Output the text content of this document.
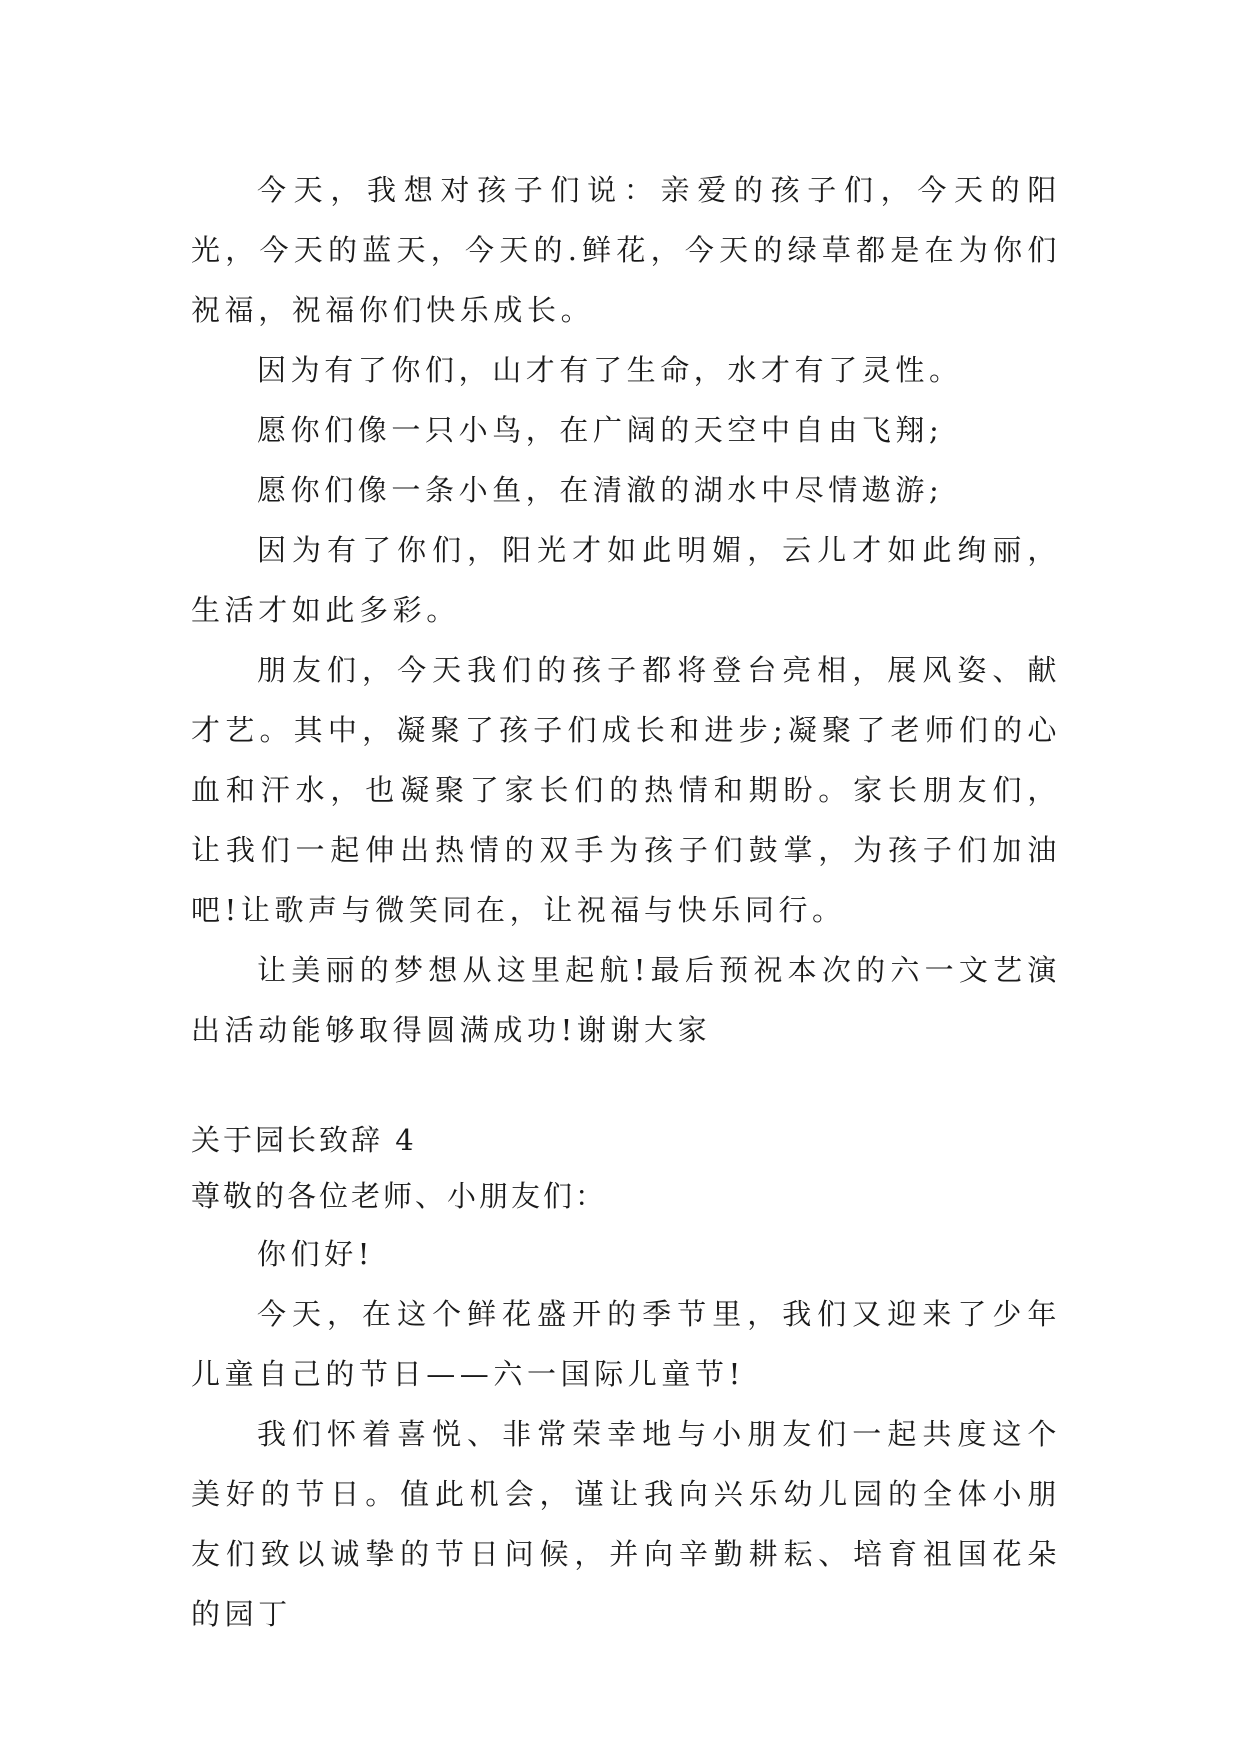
今天，我想对孩子们说：亲爱的孩子们，今天的阳光，今天的蓝天，今天的.鲜花，今天的绿草都是在为你们祝福，祝福你们快乐成长。

因为有了你们，山才有了生命，水才有了灵性。

愿你们像一只小鸟，在广阔的天空中自由飞翔;

愿你们像一条小鱼，在清澈的湖水中尽情遨游;

因为有了你们，阳光才如此明媚，云儿才如此绚丽，生活才如此多彩。

朋友们，今天我们的孩子都将登台亮相，展风姿、献才艺。其中，凝聚了孩子们成长和进步;凝聚了老师们的心血和汗水，也凝聚了家长们的热情和期盼。家长朋友们，让我们一起伸出热情的双手为孩子们鼓掌，为孩子们加油吧!让歌声与微笑同在，让祝福与快乐同行。

让美丽的梦想从这里起航!最后预祝本次的六一文艺演出活动能够取得圆满成功!谢谢大家

关于园长致辞 4

尊敬的各位老师、小朋友们：

你们好!

今天，在这个鲜花盛开的季节里，我们又迎来了少年儿童自己的节日——六一国际儿童节!

我们怀着喜悦、非常荣幸地与小朋友们一起共度这个美好的节日。值此机会，谨让我向兴乐幼儿园的全体小朋友们致以诚挚的节日问候，并向辛勤耕耘、培育祖国花朵的园丁
